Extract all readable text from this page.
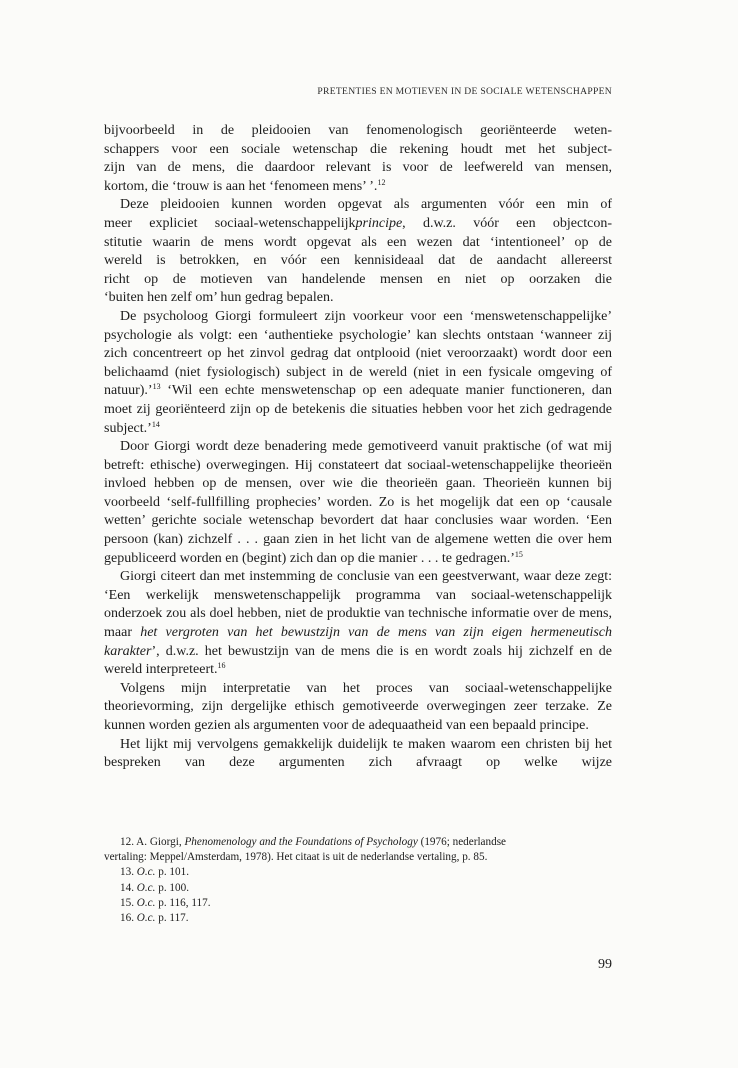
PRETENTIES EN MOTIEVEN IN DE SOCIALE WETENSCHAPPEN
bijvoorbeeld in de pleidooien van fenomenologisch georiënteerde weten-
schappers voor een sociale wetenschap die rekening houdt met het subject-
zijn van de mens, die daardoor relevant is voor de leefwereld van mensen,
kortom, die ‘trouw is aan het ‘fenomeen mens’ ’.$^{12}$
Deze pleidooien kunnen worden opgevat als argumenten vóór een min of
meer expliciet sociaal-wetenschappelijkprincipe, d.w.z. vóór een objectcon-
stitutie waarin de mens wordt opgevat als een wezen dat ‘intentioneel’ op de
wereld is betrokken, en vóór een kennisideaal dat de aandacht allereerst
richt op de motieven van handelende mensen en niet op oorzaken die
‘buiten hen zelf om’ hun gedrag bepalen.
De psycholoog Giorgi formuleert zijn voorkeur voor een ‘menswetenschappelijke’ psychologie als volgt: een ‘authentieke psychologie’ kan slechts ontstaan ‘wanneer zij zich concentreert op het zinvol gedrag dat ontplooid (niet veroorzaakt) wordt door een belichaamd (niet fysiologisch) subject in de wereld (niet in een fysicale omgeving of natuur).’$^{13}$ ‘Wil een echte menswetenschap op een adequate manier functioneren, dan moet zij georiënteerd zijn op de betekenis die situaties hebben voor het zich gedragende subject.’$^{14}$
Door Giorgi wordt deze benadering mede gemotiveerd vanuit praktische (of wat mij betreft: ethische) overwegingen. Hij constateert dat sociaal-wetenschappelijke theorieën invloed hebben op de mensen, over wie die theorieën gaan. Theorieën kunnen bij voorbeeld ‘self-fullfilling prophecies’ worden. Zo is het mogelijk dat een op ‘causale wetten’ gerichte sociale wetenschap bevordert dat haar conclusies waar worden. ‘Een persoon (kan) zichzelf . . . gaan zien in het licht van de algemene wetten die over hem gepubliceerd worden en (begint) zich dan op die manier . . . te gedragen.’$^{15}$
Giorgi citeert dan met instemming de conclusie van een geestverwant, waar deze zegt: ‘Een werkelijk menswetenschappelijk programma van sociaal-wetenschappelijk onderzoek zou als doel hebben, niet de produktie van technische informatie over de mens, maar het vergroten van het bewustzijn van de mens van zijn eigen hermeneutisch karakter’, d.w.z. het bewustzijn van de mens die is en wordt zoals hij zichzelf en de wereld interpreteert.$^{16}$
Volgens mijn interpretatie van het proces van sociaal-wetenschappelijke theorievorming, zijn dergelijke ethisch gemotiveerde overwegingen zeer terzake. Ze kunnen worden gezien als argumenten voor de adequaatheid van een bepaald principe.
Het lijkt mij vervolgens gemakkelijk duidelijk te maken waarom een christen bij het bespreken van deze argumenten zich afvraagt op welke wijze
12. A. Giorgi, Phenomenology and the Foundations of Psychology (1976; nederlandse
vertaling: Meppel/Amsterdam, 1978). Het citaat is uit de nederlandse vertaling, p. 85.
13. O.c. p. 101.
14. O.c. p. 100.
15. O.c. p. 116, 117.
16. O.c. p. 117.
99
